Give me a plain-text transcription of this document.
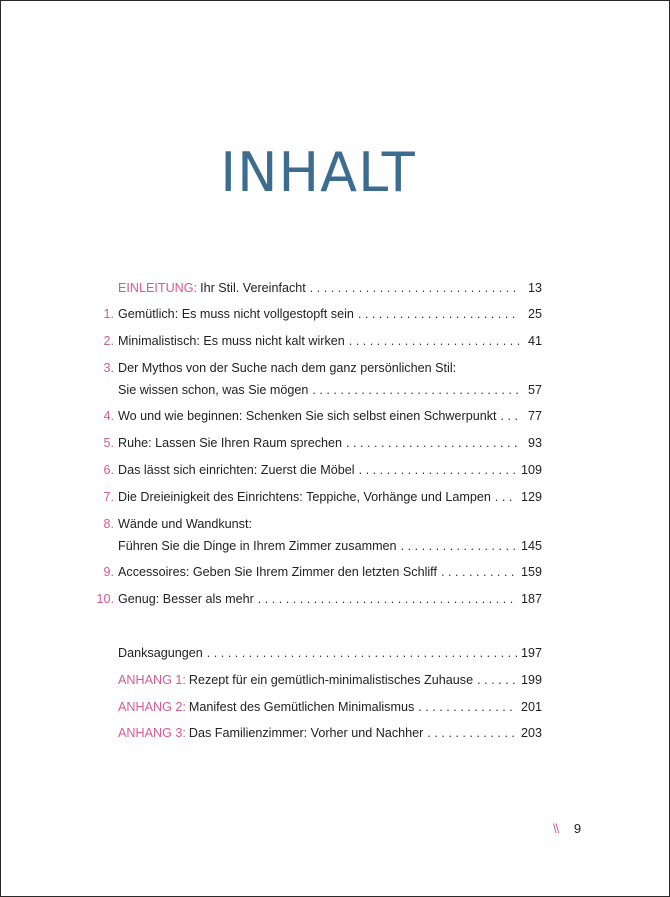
INHALT
EINLEITUNG: Ihr Stil. Vereinfacht . . .	13
1. Gemütlich: Es muss nicht vollgestopft sein . . .	25
2. Minimalistisch: Es muss nicht kalt wirken . . .	41
3. Der Mythos von der Suche nach dem ganz persönlichen Stil:
Sie wissen schon, was Sie mögen . . .	57
4. Wo und wie beginnen: Schenken Sie sich selbst einen Schwerpunkt . . .	77
5. Ruhe: Lassen Sie Ihren Raum sprechen . . .	93
6. Das lässt sich einrichten: Zuerst die Möbel . . .	109
7. Die Dreieinigkeit des Einrichtens: Teppiche, Vorhänge und Lampen . . . 129
8. Wände und Wandkunst:
Führen Sie die Dinge in Ihrem Zimmer zusammen . . .	145
9. Accessoires: Geben Sie Ihrem Zimmer den letzten Schliff . . .	159
10. Genug: Besser als mehr . . .	187
Danksagungen . . .	197
ANHANG 1: Rezept für ein gemütlich-minimalistisches Zuhause . . .	199
ANHANG 2: Manifest des Gemütlichen Minimalismus . . .	201
ANHANG 3: Das Familienzimmer: Vorher und Nachher . . .	203
\\ 9
